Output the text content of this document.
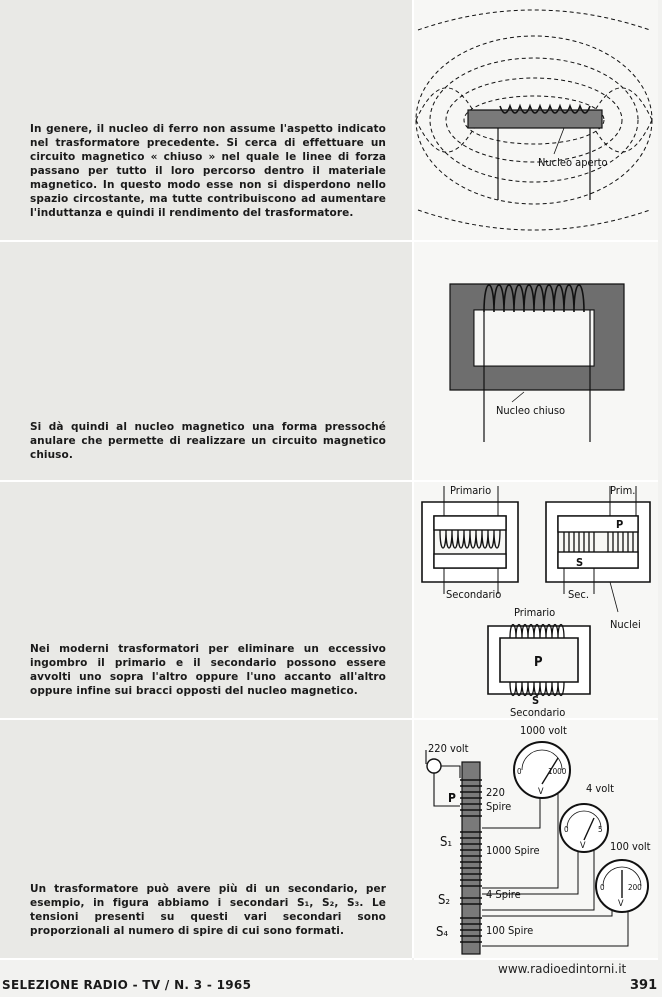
In genere, il nucleo di ferro non assume l'aspetto indicato nel trasformatore precedente. Si cerca di effettuare un circuito magnetico « chiuso » nel quale le linee di forza passano per tutto il loro percorso dentro il materiale magnetico. In questo modo esse non si disperdono nello spazio circostante, ma tutte contribuiscono ad aumentare l'induttanza e quindi il rendimento del trasformatore.
Si dà quindi al nucleo magnetico una forma pressoché anulare che permette di realizzare un circuito magnetico chiuso.
Nei moderni trasformatori per eliminare un eccessivo ingombro il primario e il secondario possono essere avvolti uno sopra l'altro oppure l'uno accanto all'altro oppure infine sui bracci opposti del nucleo magnetico.
Un trasformatore può avere più di un secondario, per esempio, in figura abbiamo i secondari S₁, S₂, S₃. Le tensioni presenti su questi vari secondari sono proporzionali al numero di spire di cui sono formati.
Nucleo aperto
Nucleo chiuso
Primario
Secondario
Prim.
P
S
Sec.
Nuclei
Primario
P
S
Secondario
220 volt
P	220
Spire
S₁
1000 Spire
S₂	4 Spire
S₄	100 Spire
0	1000
V
1000 volt
0	5
V
4 volt
0	200
V
100 volt
SELEZIONE RADIO - TV / N. 3 - 1965
www.radioedintorni.it
391
